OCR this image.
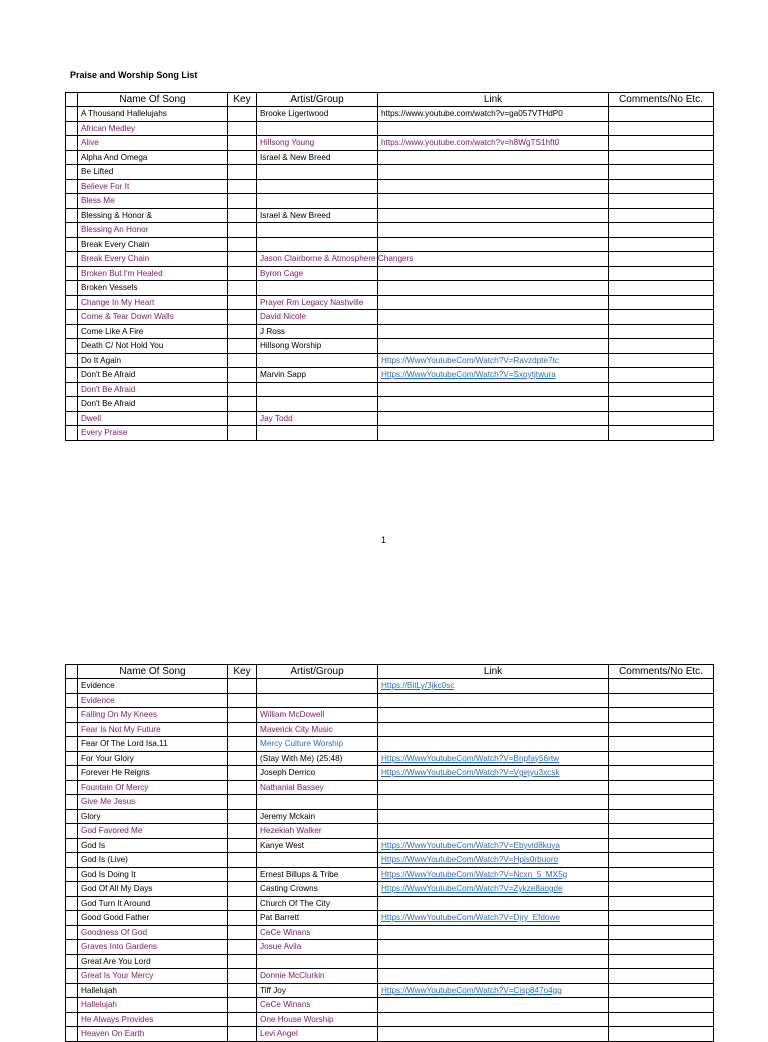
Praise and Worship Song List
	Name Of Song	Key	Artist/Group	Link	Comments/No Etc.
	A Thousand Hallelujahs		Brooke Ligertwood	https://www.youtube.com/watch?v=ga057VTHdP0	
	African Medley				
	Alive		Hillsong Young	https://www.youtube.com/watch?v=h8WgTS1hft0	
	Alpha And Omega		Israel & New Breed		
	Be Lifted				
	Believe For It				
	Bless Me				
	Blessing & Honor &		Israel & New Breed		
	Blessing An Honor				
	Break Every Chain				
	Break Every Chain		Jason Clairborne & Atmosphere Changers		
	Broken But I'm Healed		Byron Cage		
	Broken Vessels				
	Change In My Heart		Prayer Rm Legacy Nashville		
	Come & Tear Down Walls		David Nicole		
	Come Like A Fire		J Ross		
	Death C/ Not Hold You		Hillsong Worship		
	Do It Again			Https://WwwYoutubeCom/Watch?V=Ravzdpte7tc	
	Don't Be Afraid		Marvin Sapp	Https://WwwYoutubeCom/Watch?V=Sxoytjtwura	
	Don't Be Afraid				
	Don't Be Afraid				
	Dwell		Jay Todd		
	Every Praise				
1
	Name Of Song	Key	Artist/Group	Link	Comments/No Etc.
	Evidence			Https://BitLy/3jkc0sc	
	Evidence				
	Falling On My Knees		William McDowell		
	Fear Is Not My Future		Maverick City Music		
	Fear Of The Lord Isa,11		Mercy Culture Worship		
	For Your Glory		(Stay With Me) (25:48)	Https://WwwYoutubeCom/Watch?V=Bnpfay56rtw	
	Forever He Reigns		Joseph Derrico	Https://WwwYoutubeCom/Watch?V=Vgejyu3xcsk	
	Fountain Of Mercy		Nathanial Bassey		
	Give Me Jesus				
	Glory		Jeremy Mckain		
	God Favored Me		Hezekiah Walker		
	God Is		Kanye West	Https://WwwYoutubeCom/Watch?V=Ebyvid8kuya	
	God Is (Live)			Https://WwwYoutubeCom/Watch?V=Hpis0rbuoro	
	God Is Doing It		Ernest Billups & Tribe	Https://WwwYoutubeCom/Watch?V=Ncxn_5_MX5g	
	God Of All My Days		Casting Crowns	Https://WwwYoutubeCom/Watch?V=Zykze8aogde	
	God Turn It Around		Church Of The City		
	Good Good Father		Pat Barrett	Https://WwwYoutubeCom/Watch?V=Djry_Efdowe	
	Goodness Of God		CeCe Winans		
	Graves Into Gardens		Josue Avila		
	Great Are You Lord				
	Great Is Your Mercy		Donnie McClurkin		
	Hallelujah		Tiff Joy	Https://WwwYoutubeCom/Watch?V=Cisp847o4gg	
	Hallelujah		CeCe Winans		
	He Always Provides		One House Worship		
	Heaven On Earth		Levi Angel		
